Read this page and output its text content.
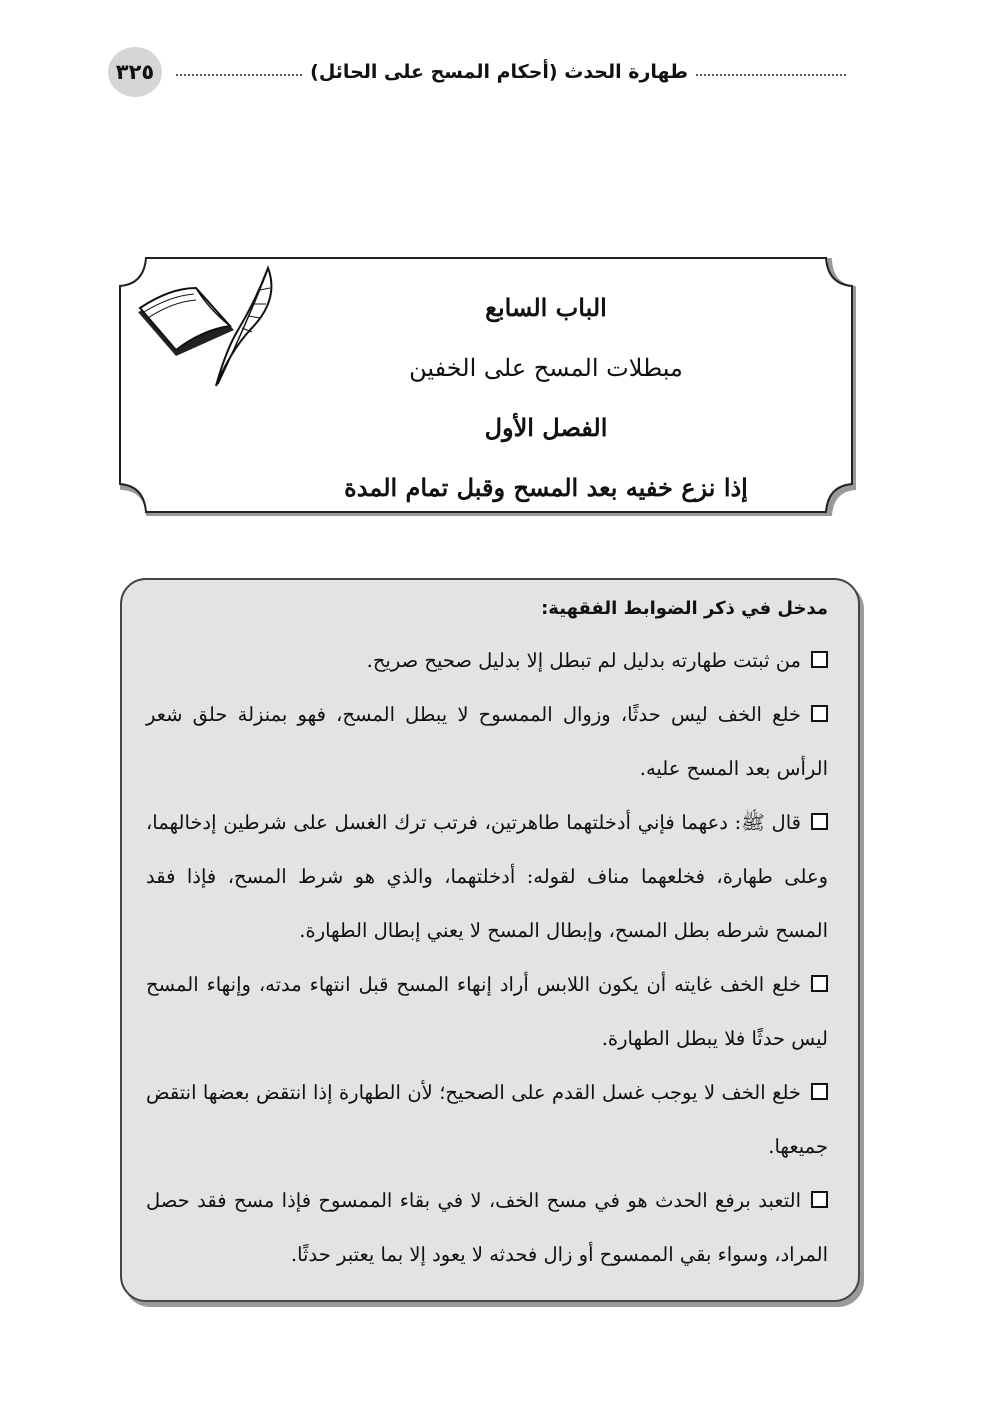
طهارة الحدث (أحكام المسح على الحائل)
٣٢٥

الباب السابع

مبطلات المسح على الخفين

الفصل الأول

إذا نزع خفيه بعد المسح وقبل تمام المدة

مدخل في ذكر الضوابط الفقهية:

من ثبتت طهارته بدليل لم تبطل إلا بدليل صحيح صريح.
خلع الخف ليس حدثًا، وزوال الممسوح لا يبطل المسح، فهو بمنزلة حلق شعر الرأس بعد المسح عليه.
قال ﷺ: دعهما فإني أدخلتهما طاهرتين، فرتب ترك الغسل على شرطين إدخالهما، وعلى طهارة، فخلعهما مناف لقوله: أدخلتهما، والذي هو شرط المسح، فإذا فقد المسح شرطه بطل المسح، وإبطال المسح لا يعني إبطال الطهارة.
خلع الخف غايته أن يكون اللابس أراد إنهاء المسح قبل انتهاء مدته، وإنهاء المسح ليس حدثًا فلا يبطل الطهارة.
خلع الخف لا يوجب غسل القدم على الصحيح؛ لأن الطهارة إذا انتقض بعضها انتقض جميعها.
التعبد برفع الحدث هو في مسح الخف، لا في بقاء الممسوح فإذا مسح فقد حصل المراد، وسواء بقي الممسوح أو زال فحدثه لا يعود إلا بما يعتبر حدثًا.
